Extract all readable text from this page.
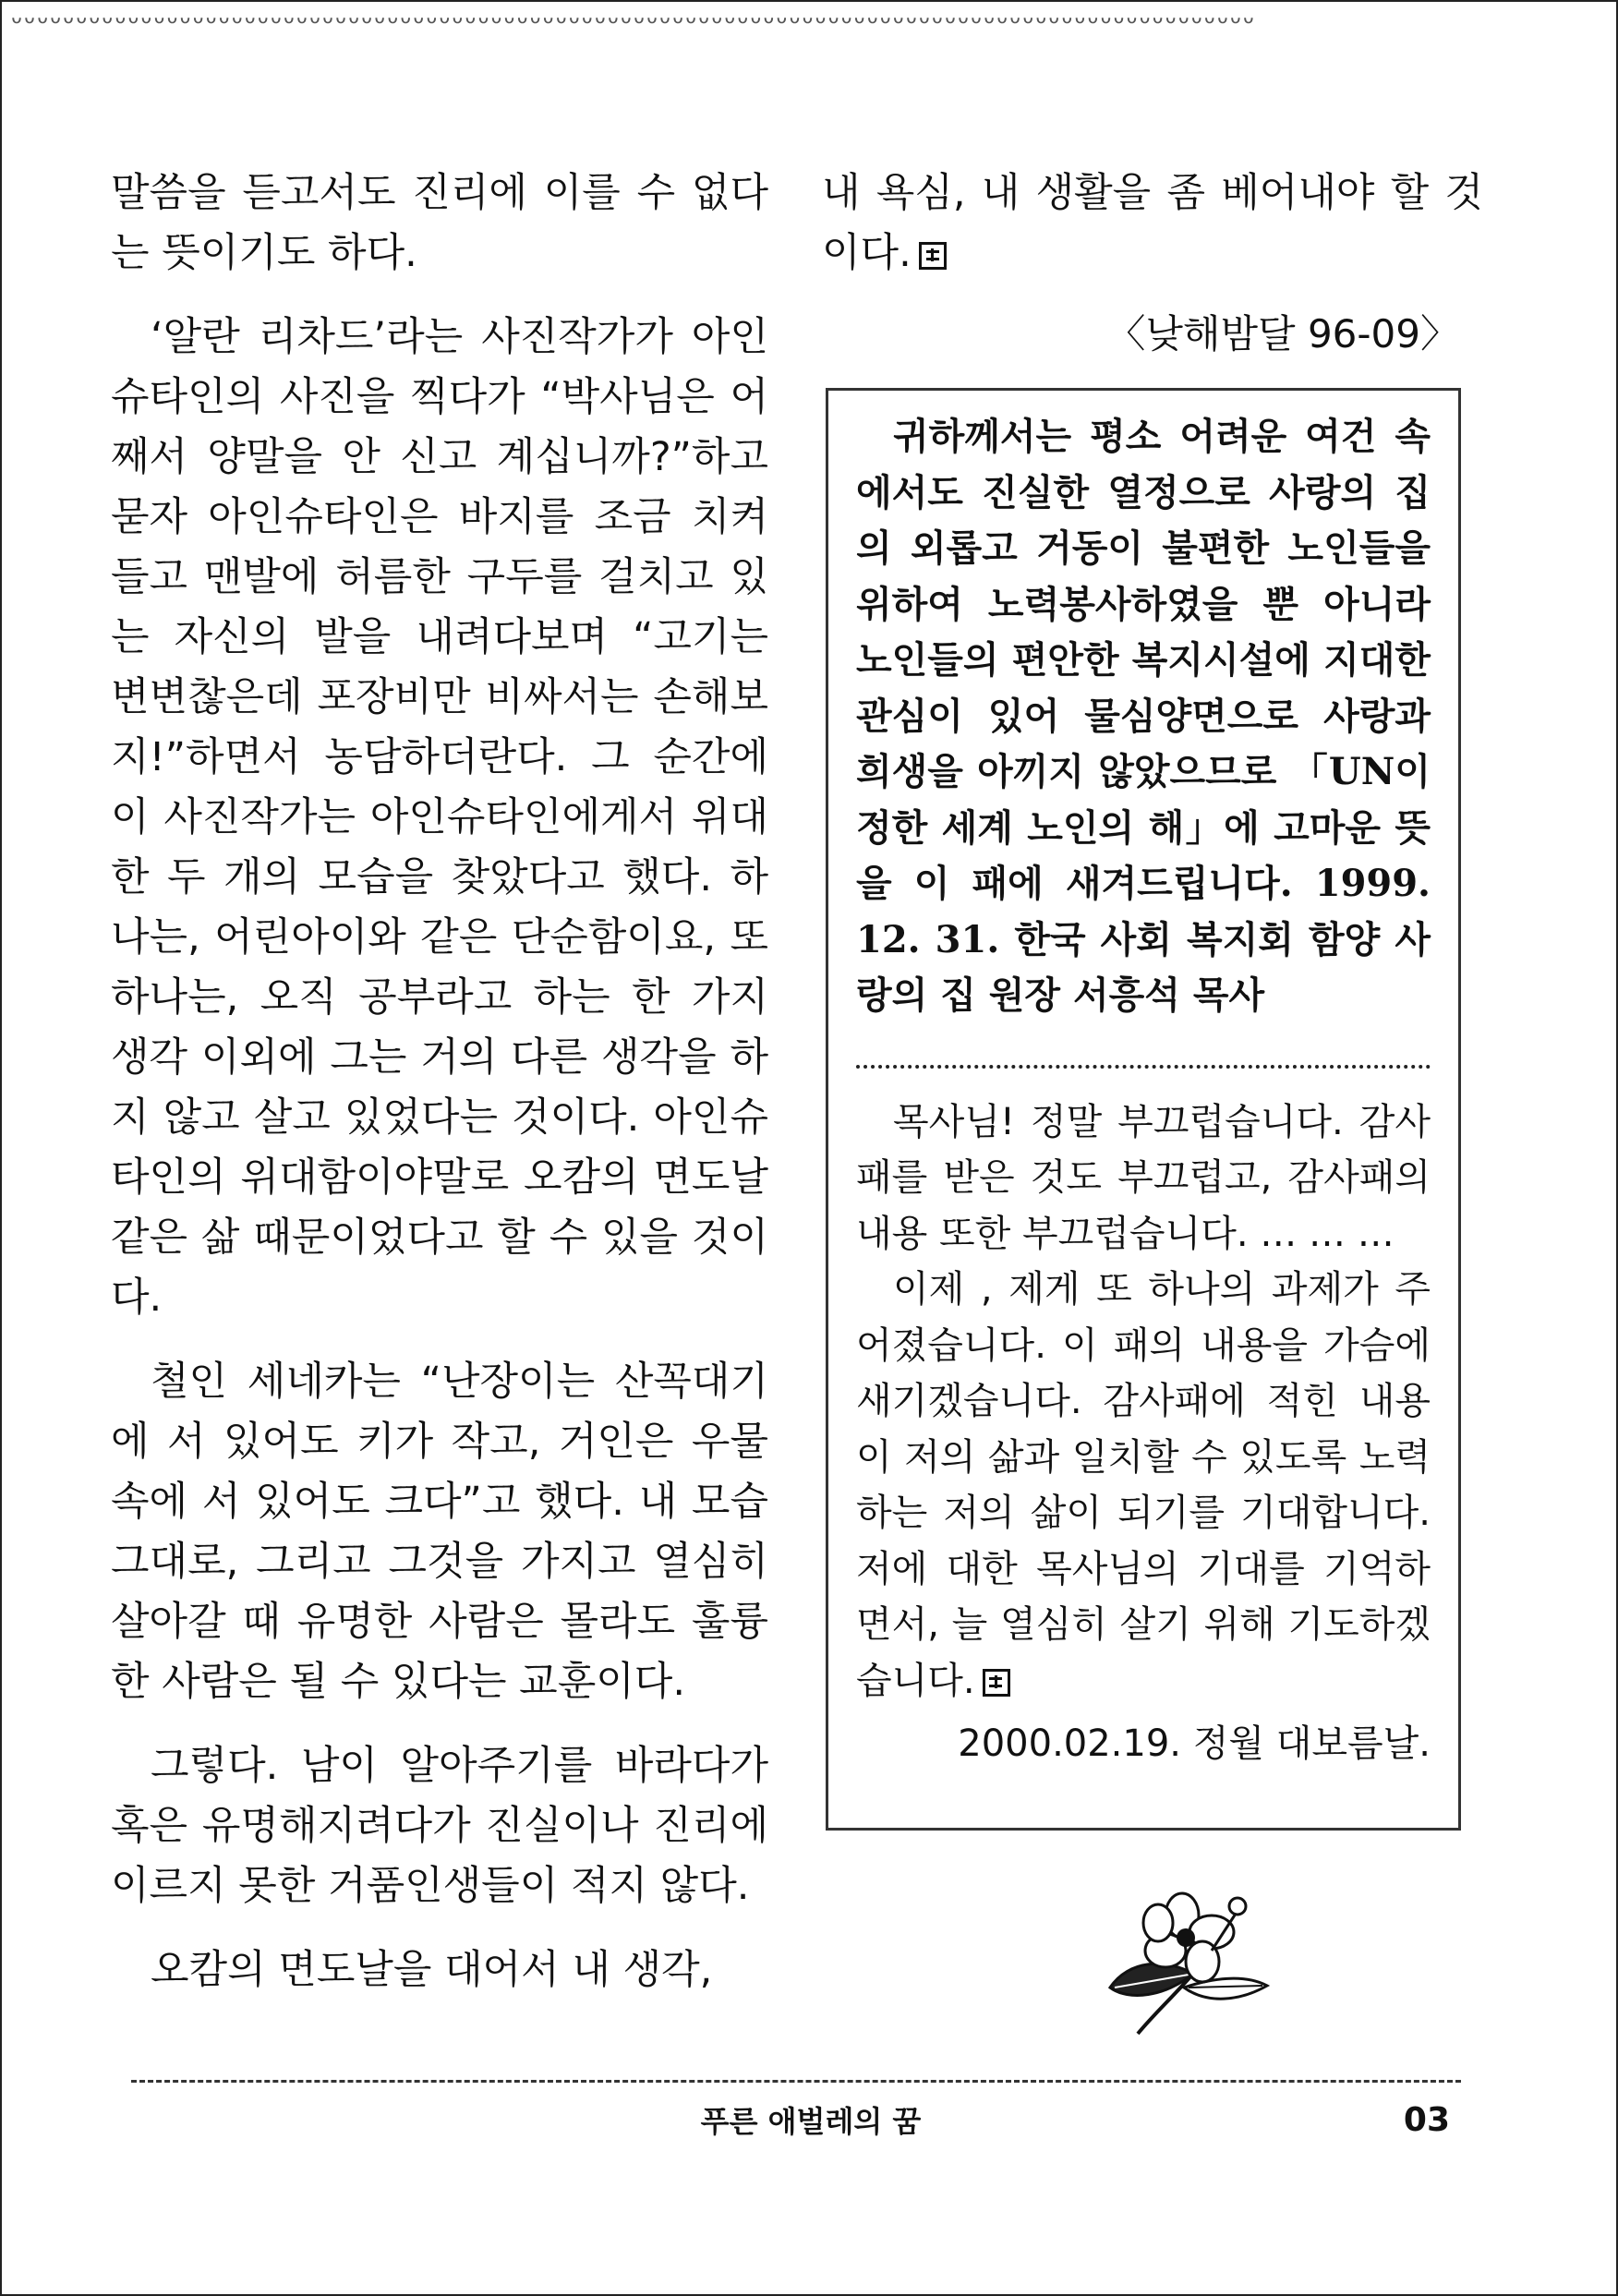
ᴗᴗᴗᴗᴗᴗᴗᴗᴗᴗᴗᴗᴗᴗᴗᴗᴗᴗᴗᴗᴗᴗᴗᴗᴗᴗᴗᴗᴗᴗᴗᴗᴗᴗᴗᴗᴗᴗᴗᴗᴗᴗᴗᴗᴗᴗᴗᴗᴗᴗᴗᴗᴗᴗᴗᴗᴗᴗᴗᴗᴗᴗᴗᴗᴗᴗᴗᴗᴗᴗᴗᴗᴗᴗᴗᴗᴗᴗᴗᴗᴗᴗᴗᴗᴗᴗᴗᴗᴗᴗᴗᴗᴗᴗᴗᴗ

말씀을 듣고서도 진리에 이를 수 없다는 뜻이기도 하다.

‘알란 리차드’라는 사진작가가 아인슈타인의 사진을 찍다가 “박사님은 어째서 양말을 안 신고 계십니까?”하고 묻자 아인슈타인은 바지를 조금 치켜 들고 맨발에 허름한 구두를 걸치고 있는 자신의 발을 내려다보며 “고기는 변변찮은데 포장비만 비싸서는 손해보지!”하면서 농담하더란다. 그 순간에 이 사진작가는 아인슈타인에게서 위대한 두 개의 모습을 찾았다고 했다. 하나는, 어린아이와 같은 단순함이요, 또 하나는, 오직 공부라고 하는 한 가지 생각 이외에 그는 거의 다른 생각을 하지 않고 살고 있었다는 것이다. 아인슈타인의 위대함이야말로 오캄의 면도날 같은 삶 때문이었다고 할 수 있을 것이다.

철인 세네카는 “난장이는 산꼭대기에 서 있어도 키가 작고, 거인은 우물 속에 서 있어도 크다”고 했다. 내 모습 그대로, 그리고 그것을 가지고 열심히 살아갈 때 유명한 사람은 몰라도 훌륭한 사람은 될 수 있다는 교훈이다.

그렇다. 남이 알아주기를 바라다가 혹은 유명해지려다가 진실이나 진리에 이르지 못한 거품인생들이 적지 않다.

오캄의 면도날을 대어서 내 생각,

내 욕심, 내 생활을 좀 베어내야 할 것이다.

〈낮해밤달 96-09〉

귀하께서는 평소 어려운 여건 속에서도 진실한 열정으로 사랑의 집의 외롭고 거동이 불편한 노인들을 위하여 노력봉사하였을 뿐 아니라 노인들의 편안한 복지시설에 지대한 관심이 있어 물심양면으로 사랑과 희생을 아끼지 않았으므로 「UN이 정한 세계 노인의 해」에 고마운 뜻을 이 패에 새겨드립니다. 1999. 12. 31. 한국 사회 복지회 함양 사랑의 집 원장 서흥석 목사

목사님! 정말 부끄럽습니다. 감사패를 받은 것도 부끄럽고, 감사패의 내용 또한 부끄럽습니다. … … …

이제 , 제게 또 하나의 과제가 주어졌습니다. 이 패의 내용을 가슴에 새기겠습니다. 감사패에 적힌 내용이 저의 삶과 일치할 수 있도록 노력하는 저의 삶이 되기를 기대합니다. 저에 대한 목사님의 기대를 기억하면서, 늘 열심히 살기 위해 기도하겠습니다.

2000.02.19. 정월 대보름날.
푸른 애벌레의 꿈	03
